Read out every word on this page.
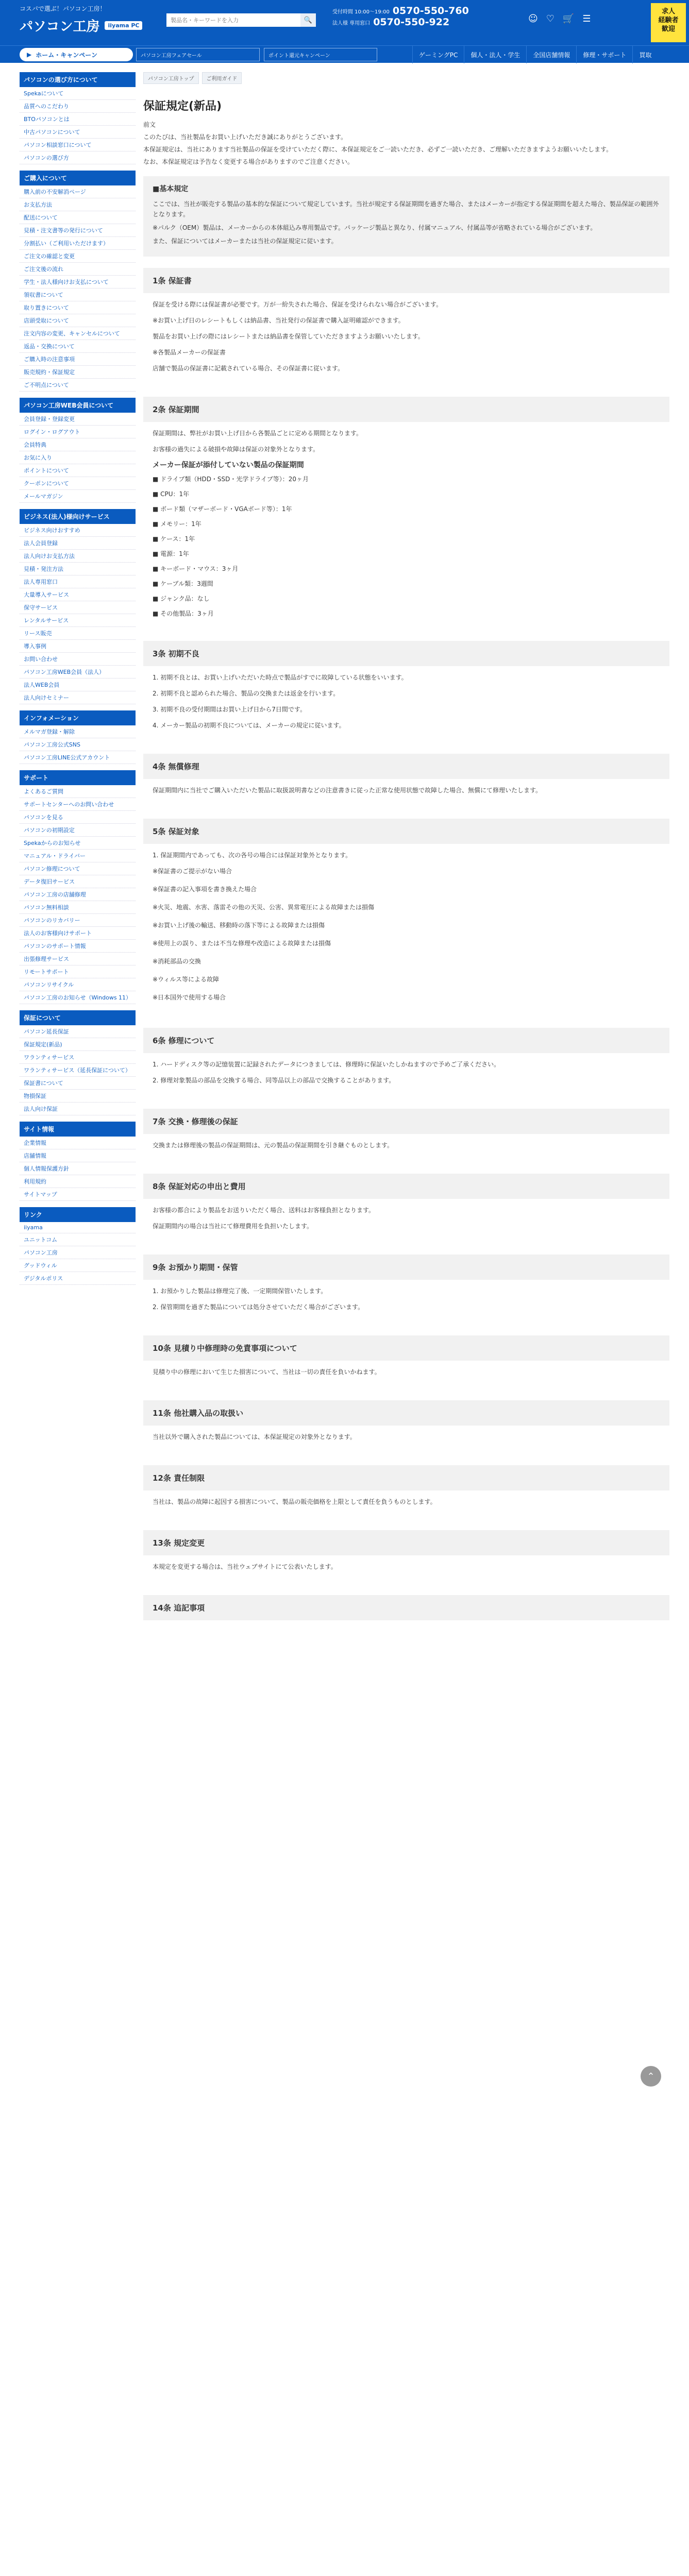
コスパで選ぶ！パソコン工房！
パソコン工房	iiyama PC
製品名・キーワードを入力
🔍
受付時間 10:00～19:00 0570-550-760
法人様 専用窓口 0570-550-922	☺ ♡ 🛒 ☰
求人
経験者
歓迎
▶ ホーム・キャンペーン	パソコン工房フェアセール	ポイント還元キャンペーン	ゲーミングPC	個人・法人・学生	全国店舗情報	修理・サポート	買取
パソコンの選び方について
Spekaについて
品質へのこだわり
BTOパソコンとは
中古パソコンについて
パソコン相談窓口について
パソコンの選び方
ご購入について
購入前の不安解消ページ
お支払方法
配送について
見積・注文書等の発行について
分割払い（ご利用いただけます）
ご注文の確認と変更
ご注文後の流れ
学生・法人様向けお支払について
領収書について
取り置きについて
店頭受取について
注文内容の変更、キャンセルについて
返品・交換について
ご購入時の注意事項
販売規約・保証規定
ご不明点について
パソコン工房WEB会員について
会員登録・登録変更
ログイン・ログアウト
会員特典
お気に入り
ポイントについて
クーポンについて
メールマガジン
ビジネス(法人)様向けサービス
ビジネス向けおすすめ
法人会員登録
法人向けお支払方法
見積・発注方法
法人専用窓口
大量導入サービス
保守サービス
レンタルサービス
リース販売
導入事例
お問い合わせ
パソコン工房WEB会員（法人）
法人WEB会員
法人向けセミナー
インフォメーション
メルマガ登録・解除
パソコン工房公式SNS
パソコン工房LINE公式アカウント
サポート
よくあるご質問
サポートセンターへのお問い合わせ
パソコンを見る
パソコンの初期設定
Spekaからのお知らせ
マニュアル・ドライバー
パソコン修理について
データ復旧サービス
パソコン工房の店舗修理
パソコン無料相談
パソコンのリカバリー
法人のお客様向けサポート
パソコンのサポート情報
出張修理サービス
リモートサポート
パソコンリサイクル
パソコン工房のお知らせ（Windows 11）
保証について
パソコン延長保証
保証規定(新品)
ワランティサービス
ワランティサービス（延長保証について）
保証書について
物損保証
法人向け保証
サイト情報
企業情報
店舗情報
個人情報保護方針
利用規約
サイトマップ
リンク
iiyama
ユニットコム
パソコン工房
グッドウィル
デジタルポリス
パソコン工房トップ	ご利用ガイド
保証規定(新品)

前文

このたびは、当社製品をお買い上げいただき誠にありがとうございます。

本保証規定は、当社にあります当社製品の保証を受けていただく際に、本保証規定をご一読いただき、必ずご一読いただき、ご理解いただきますようお願いいたします。

なお、本保証規定は予告なく変更する場合がありますのでご注意ください。

■基本規定

ここでは、当社が販売する製品の基本的な保証について規定しています。当社が規定する保証期間を過ぎた場合、またはメーカーが指定する保証期間を超えた場合、製品保証の範囲外となります。

※パルク（OEM）製品は、メーカーからの本体組込み専用製品です。パッケージ製品と異なり、付属マニュアル、付属品等が省略されている場合がございます。

また、保証についてはメーカーまたは当社の保証規定に従います。

1条 保証書

保証を受ける際には保証書が必要です。万が一紛失された場合、保証を受けられない場合がございます。

※お買い上げ日のレシートもしくは納品書、当社発行の保証書で購入証明確認ができます。

製品をお買い上げの際にはレシートまたは納品書を保管していただきますようお願いいたします。

※各製品メーカーの保証書

店舗で製品の保証書に記載されている場合、その保証書に従います。

2条 保証期間

保証期間は、弊社がお買い上げ日から各製品ごとに定める期間となります。

お客様の過失による破損や故障は保証の対象外となります。

メーカー保証が添付していない製品の保証期間
■ ドライブ類（HDD・SSD・光学ドライブ等）：20ヶ月
■ CPU：1年
■ ボード類（マザーボード・VGAボード等）：1年
■ メモリー：1年
■ ケース：1年
■ 電源：1年
■ キーボード・マウス：3ヶ月
■ ケーブル類：3週間
■ ジャンク品：なし
■ その他製品：3ヶ月
3条 初期不良

1. 初期不良とは、お買い上げいただいた時点で製品がすでに故障している状態をいいます。

2. 初期不良と認められた場合、製品の交換または返金を行います。

3. 初期不良の受付期間はお買い上げ日から7日間です。

4. メーカー製品の初期不良については、メーカーの規定に従います。

4条 無償修理

保証期間内に当社でご購入いただいた製品に取扱説明書などの注意書きに従った正常な使用状態で故障した場合、無償にて修理いたします。

5条 保証対象

1. 保証期間内であっても、次の各号の場合には保証対象外となります。

※保証書のご提示がない場合
※保証書の記入事項を書き換えた場合
※火災、地震、水害、落雷その他の天災、公害、異常電圧による故障または損傷
※お買い上げ後の輸送、移動時の落下等による故障または損傷
※使用上の誤り、または不当な修理や改造による故障または損傷
※消耗部品の交換
※ウィルス等による故障
※日本国外で使用する場合
6条 修理について

1. ハードディスク等の記憶装置に記録されたデータにつきましては、修理時に保証いたしかねますので予めご了承ください。

2. 修理対象製品の部品を交換する場合、同等品以上の部品で交換することがあります。

7条 交換・修理後の保証

交換または修理後の製品の保証期間は、元の製品の保証期間を引き継ぐものとします。

8条 保証対応の申出と費用

お客様の都合により製品をお送りいただく場合、送料はお客様負担となります。

保証期間内の場合は当社にて修理費用を負担いたします。

9条 お預かり期間・保管

1. お預かりした製品は修理完了後、一定期間保管いたします。

2. 保管期間を過ぎた製品については処分させていただく場合がございます。

10条 見積り中修理時の免責事項について

見積り中の修理において生じた損害について、当社は一切の責任を負いかねます。

11条 他社購入品の取扱い

当社以外で購入された製品については、本保証規定の対象外となります。

12条 責任制限

当社は、製品の故障に起因する損害について、製品の販売価格を上限として責任を負うものとします。

13条 規定変更

本規定を変更する場合は、当社ウェブサイトにて公表いたします。

14条 追記事項
⌃
